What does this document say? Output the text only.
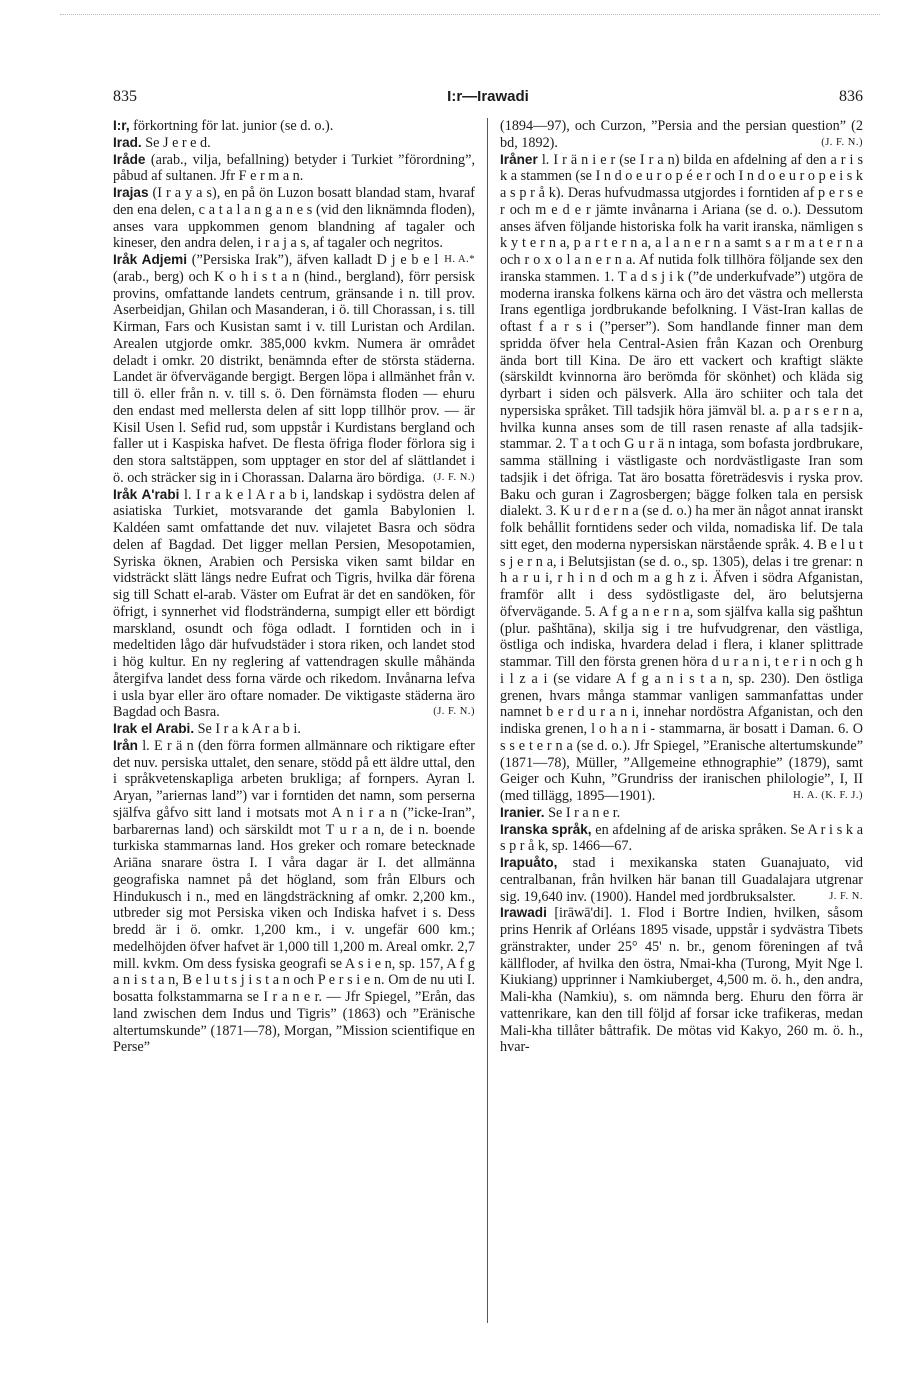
835	I:r—Irawadi	836

I:r, förkortning för lat. junior (se d. o.).

Irad. Se J e r e d.

Iråde (arab., vilja, befallning) betyder i Turkiet ”förordning”, påbud af sultanen. Jfr F e r m a n.

Irajas (I r a y a s), en på ön Luzon bosatt blandad stam, hvaraf den ena delen, c a t a l a n g a n e s (vid den liknämnda floden), anses vara uppkommen genom blandning af tagaler och kineser, den andra delen, i r a j a s, af tagaler och negritos.
H. A.*

Iråk Adjemi (”Persiska Irak”), äfven kalladt D j e b e l (arab., berg) och K o h i s t a n (hind., bergland), förr persisk provins, omfattande landets centrum, gränsande i n. till prov. Aserbeidjan, Ghilan och Masanderan, i ö. till Chorassan, i s. till Kirman, Fars och Kusistan samt i v. till Luristan och Ardilan. Arealen utgjorde omkr. 385,000 kvkm. Numera är området deladt i omkr. 20 distrikt, benämnda efter de största städerna. Landet är öfvervägande bergigt. Bergen löpa i allmänhet från v. till ö. eller från n. v. till s. ö. Den förnämsta floden — ehuru den endast med mellersta delen af sitt lopp tillhör prov. — är Kisil Usen l. Sefid rud, som uppstår i Kurdistans bergland och faller ut i Kaspiska hafvet. De flesta öfriga floder förlora sig i den stora saltstäppen, som upptager en stor del af slättlandet i ö. och sträcker sig in i Chorassan. Dalarna äro bördiga. (J. F. N.)

Iråk A'rabi l. I r a k e l A r a b i, landskap i sydöstra delen af asiatiska Turkiet, motsvarande det gamla Babylonien l. Kaldéen samt omfattande det nuv. vilajetet Basra och södra delen af Bagdad. Det ligger mellan Persien, Mesopotamien, Syriska öknen, Arabien och Persiska viken samt bildar en vidsträckt slätt längs nedre Eufrat och Tigris, hvilka där förena sig till Schatt el-arab. Väster om Eufrat är det en sandöken, för öfrigt, i synnerhet vid flodstränderna, sumpigt eller ett bördigt marskland, osundt och föga odladt. I forntiden och in i medeltiden lågo där hufvudstäder i stora riken, och landet stod i hög kultur. En ny reglering af vattendragen skulle måhända återgifva landet dess forna värde och rikedom. Invånarna lefva i usla byar eller äro oftare nomader. De viktigaste städerna äro Bagdad och Basra.	(J. F. N.)

Irak el Arabi. Se I r a k A r a b i.

Irån l. E r ä n (den förra formen allmännare och riktigare efter det nuv. persiska uttalet, den senare, stödd på ett äldre uttal, den i språkvetenskapliga arbeten brukliga; af fornpers. Ayran l. Aryan, ”ariernas land”) var i forntiden det namn, som perserna själfva gåfvo sitt land i motsats mot A n i r a n (”icke-Iran”, barbarernas land) och särskildt mot T u r a n, de i n. boende turkiska stammarnas land. Hos greker och romare betecknade Ariāna snarare östra I. I våra dagar är I. det allmänna geografiska namnet på det högland, som från Elburs och Hindukusch i n., med en längdsträckning af omkr. 2,200 km., utbreder sig mot Persiska viken och Indiska hafvet i s. Dess bredd är i ö. omkr. 1,200 km., i v. ungefär 600 km.; medelhöjden öfver hafvet är 1,000 till 1,200 m. Areal omkr. 2,7 mill. kvkm. Om dess fysiska geografi se A s i e n, sp. 157, A f g a n i s t a n, B e l u t s j i s t a n och P e r s i e n. Om de nu uti I. bosatta folkstammarna se I r a n e r. — Jfr Spiegel, ”Erån, das land zwischen dem Indus und Tigris” (1863) och ”Eränische altertumskunde” (1871—78), Morgan, ”Mission scientifique en Perse”

(1894—97), och Curzon, ”Persia and the persian question” (2 bd, 1892).	(J. F. N.)

Iråner l. I r ä n i e r (se I r a n) bilda en afdelning af den a r i s k a stammen (se I n d o e u r o p é e r och I n d o e u r o p e i s k a s p r å k). Deras hufvudmassa utgjordes i forntiden af p e r s e r och m e d e r jämte invånarna i Ariana (se d. o.). Dessutom anses äfven följande historiska folk ha varit iranska, nämligen s k y t e r n a, p a r t e r n a, a l a n e r n a samt s a r m a t e r n a och r o x o l a n e r n a. Af nutida folk tillhöra följande sex den iranska stammen. 1. T a d s j i k (”de underkufvade”) utgöra de moderna iranska folkens kärna och äro det västra och mellersta Irans egentliga jordbrukande befolkning. I Väst-Iran kallas de oftast f a r s i (”perser”). Som handlande finner man dem spridda öfver hela Central-Asien från Kazan och Orenburg ända bort till Kina. De äro ett vackert och kraftigt släkte (särskildt kvinnorna äro berömda för skönhet) och kläda sig dyrbart i siden och pälsverk. Alla äro schiiter och tala det nypersiska språket. Till tadsjik höra jämväl bl. a. p a r s e r n a, hvilka kunna anses som de till rasen renaste af alla tadsjik-stammar. 2. T a t och G u r ä n intaga, som bofasta jordbrukare, samma ställning i västligaste och nordvästligaste Iran som tadsjik i det öfriga. Tat äro bosatta företrädesvis i ryska prov. Baku och guran i Zagrosbergen; bägge folken tala en persisk dialekt. 3. K u r d e r n a (se d. o.) ha mer än något annat iranskt folk behållit forntidens seder och vilda, nomadiska lif. De tala sitt eget, den moderna nypersiskan närstående språk. 4. B e l u t s j e r n a, i Belutsjistan (se d. o., sp. 1305), delas i tre grenar: n h a r u i, r h i n d och m a g h z i. Äfven i södra Afganistan, framför allt i dess sydöstligaste del, äro belutsjerna öfvervägande. 5. A f g a n e r n a, som själfva kalla sig pašhtun (plur. pašhtāna), skilja sig i tre hufvudgrenar, den västliga, östliga och indiska, hvardera delad i flera, i klaner splittrade stammar. Till den första grenen höra d u r a n i, t e r i n och g h i l z a i (se vidare A f g a n i s t a n, sp. 230). Den östliga grenen, hvars många stammar vanligen sammanfattas under namnet b e r d u r a n i, innehar nordöstra Afganistan, och den indiska grenen, l o h a n i - stammarna, är bosatt i Daman. 6. O s s e t e r n a (se d. o.). Jfr Spiegel, ”Eranische altertumskunde” (1871—78), Müller, ”Allgemeine ethnographie” (1879), samt Geiger och Kuhn, ”Grundriss der iranischen philologie”, I, II (med tillägg, 1895—1901).	H. A. (K. F. J.)

Iranier. Se I r a n e r.

Iranska språk, en afdelning af de ariska språken. Se A r i s k a s p r å k, sp. 1466—67.

Irapuåto, stad i mexikanska staten Guanajuato, vid centralbanan, från hvilken här banan till Guadalajara utgrenar sig. 19,640 inv. (1900). Handel med jordbruksalster.	J. F. N.

Irawadi [irāwā'di]. 1. Flod i Bortre Indien, hvilken, såsom prins Henrik af Orléans 1895 visade, uppstår i sydvästra Tibets gränstrakter, under 25° 45' n. br., genom föreningen af två källfloder, af hvilka den östra, Nmai-kha (Turong, Myit Nge l. Kiukiang) upprinner i Namkiuberget, 4,500 m. ö. h., den andra, Mali-kha (Namkiu), s. om nämnda berg. Ehuru den förra är vattenrikare, kan den till följd af forsar icke trafikeras, medan Mali-kha tillåter båttrafik. De mötas vid Kakyo, 260 m. ö. h., hvar-
